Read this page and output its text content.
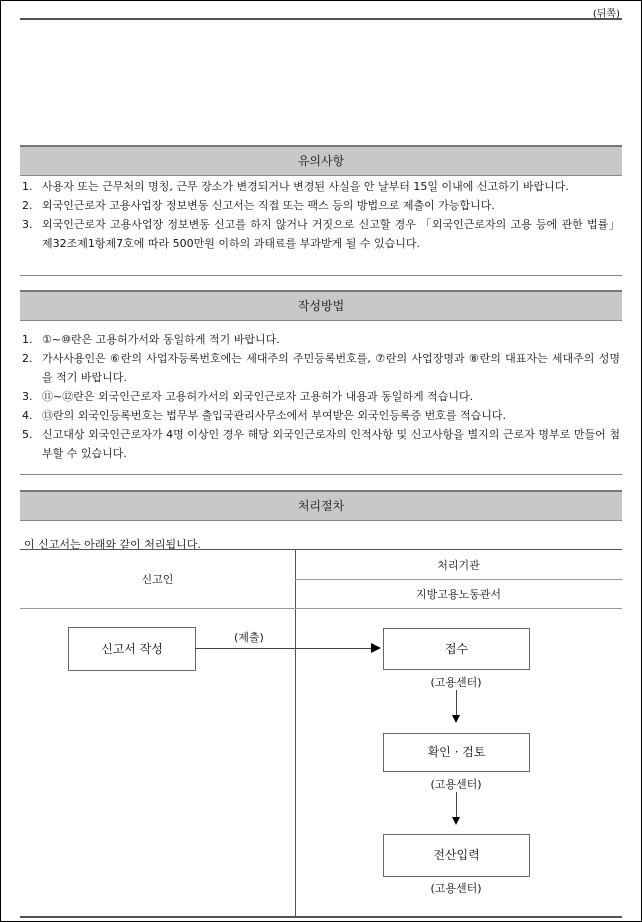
(뒤쪽)
유의사항
1. 사용자 또는 근무처의 명칭, 근무 장소가 변경되거나 변경된 사실을 안 날부터 15일 이내에 신고하기 바랍니다.
2. 외국인근로자 고용사업장 정보변동 신고서는 직접 또는 팩스 등의 방법으로 제출이 가능합니다.
3. 외국인근로자 고용사업장 정보변동 신고를 하지 않거나 거짓으로 신고할 경우 「외국인근로자의 고용 등에 관한 법률」 제32조제1항제7호에 따라 500만원 이하의 과태료를 부과받게 될 수 있습니다.
작성방법
1. ①~⑩란은 고용허가서와 동일하게 적기 바랍니다.
2. 가사사용인은 ⑥란의 사업자등록번호에는 세대주의 주민등록번호를, ⑦란의 사업장명과 ⑧란의 대표자는 세대주의 성명을 적기 바랍니다.
3. ⑪~⑫란은 외국인근로자 고용허가서의 외국인근로자 고용허가 내용과 동일하게 적습니다.
4. ⑬란의 외국인등록번호는 법무부 출입국관리사무소에서 부여받은 외국인등록증 번호를 적습니다.
5. 신고대상 외국인근로자가 4명 이상인 경우 해당 외국인근로자의 인적사항 및 신고사항을 별지의 근로자 명부로 만들어 첨부할 수 있습니다.
처리절차
이 신고서는 아래와 같이 처리됩니다.
신고인
처리기관
지방고용노동관서
신고서 작성
(제출)
접수
(고용센터)
확인 · 검토
(고용센터)
전산입력
(고용센터)
